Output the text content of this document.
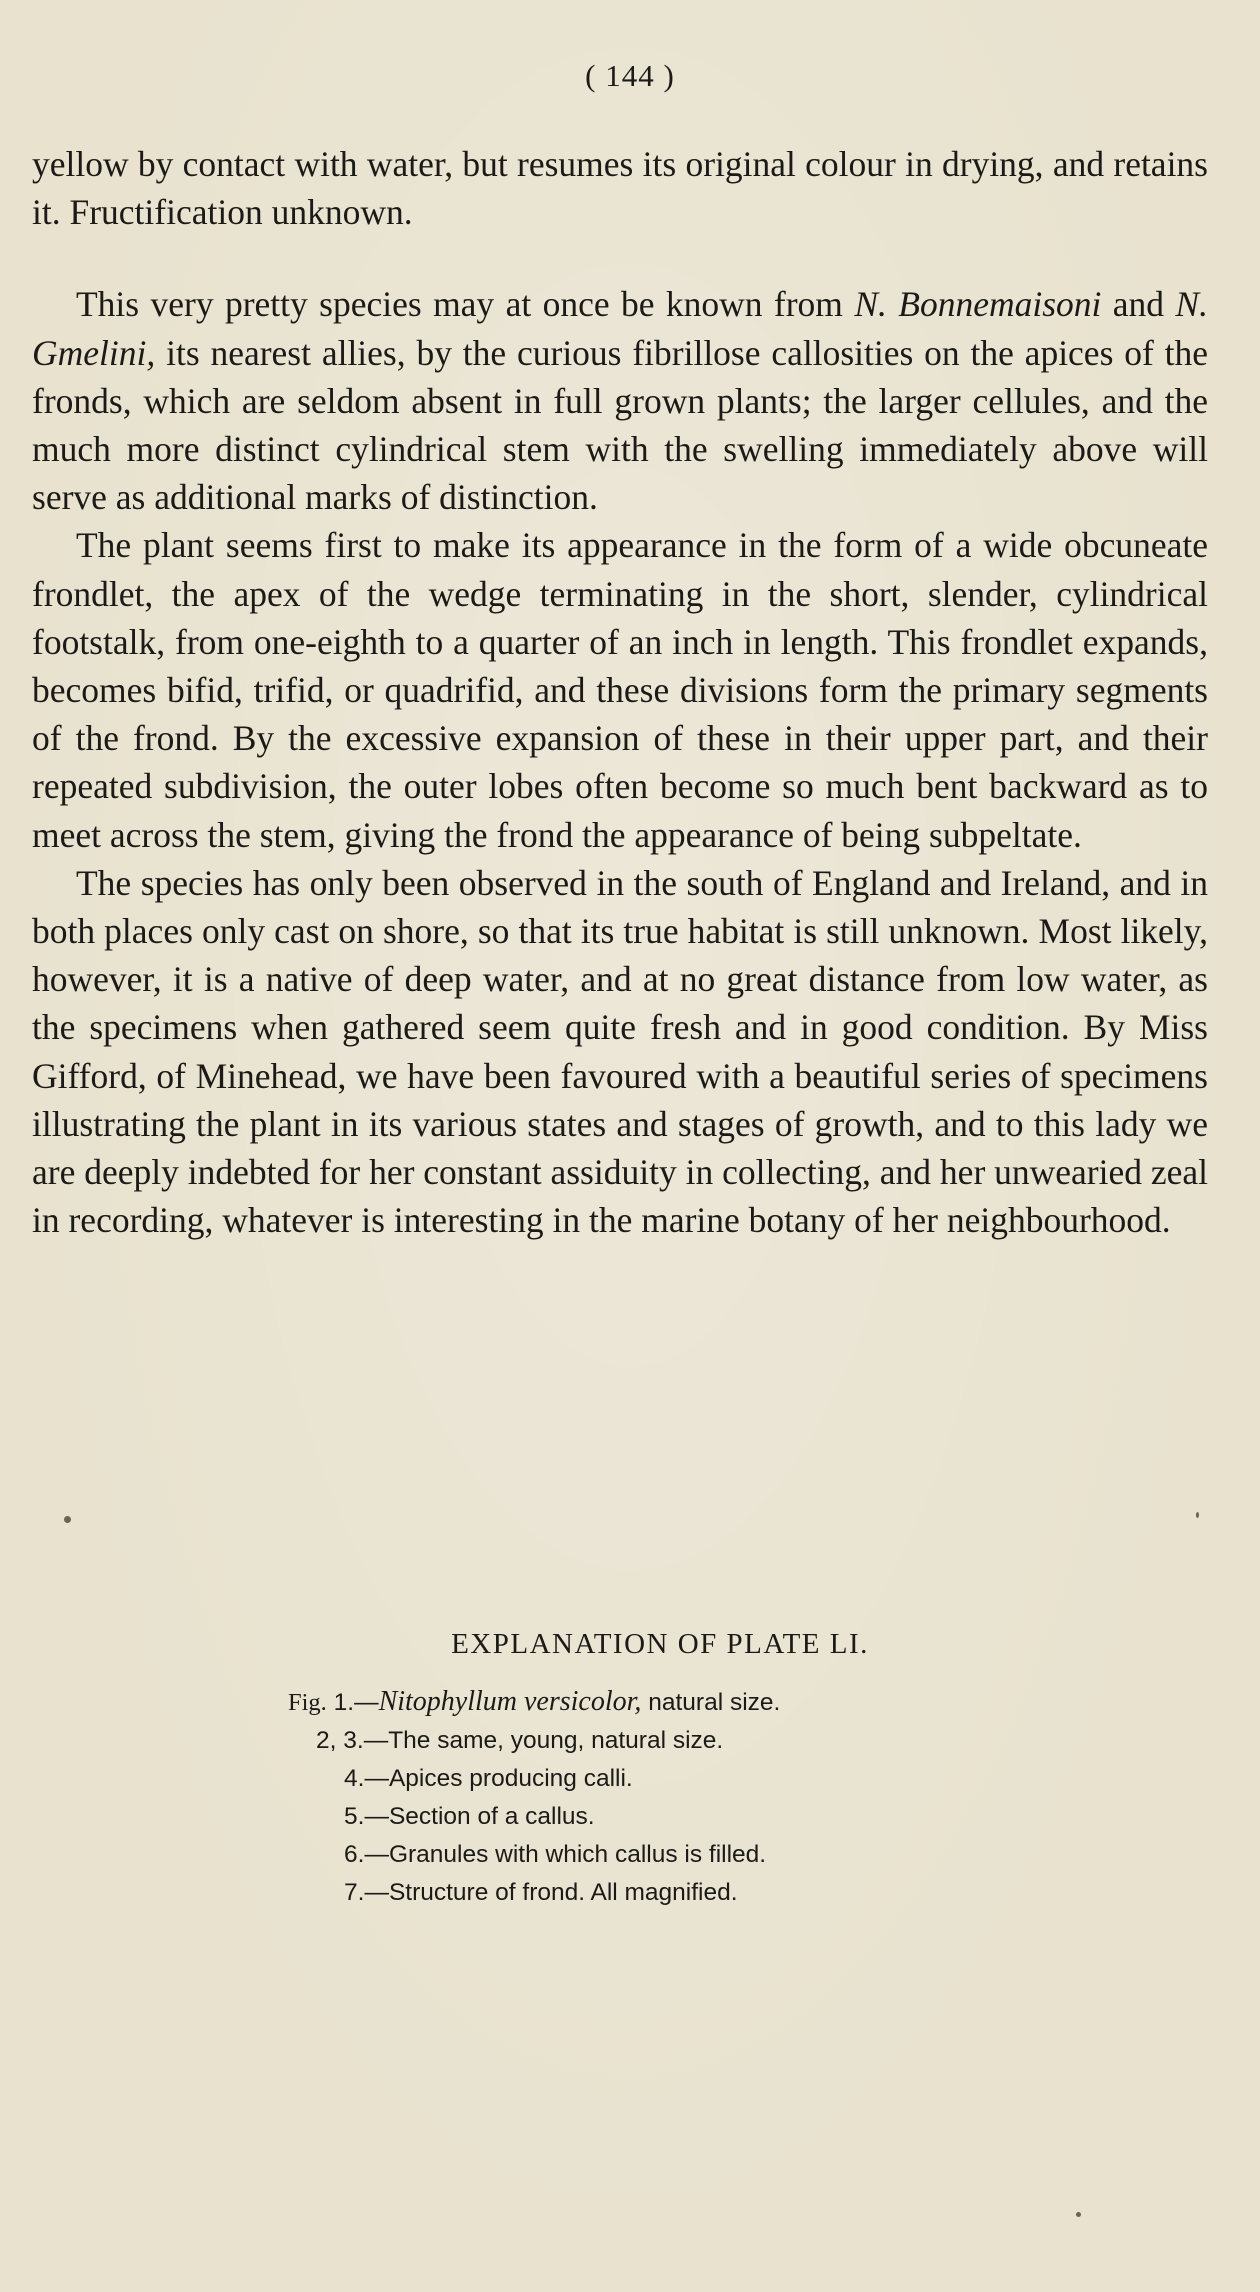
( 144 )

yellow by contact with water, but resumes its original colour in drying, and retains it. Fructification unknown.

This very pretty species may at once be known from N. Bonnemaisoni and N. Gmelini, its nearest allies, by the curious fibrillose callosities on the apices of the fronds, which are seldom absent in full grown plants; the larger cellules, and the much more distinct cylindrical stem with the swelling immediately above will serve as additional marks of distinction.

The plant seems first to make its appearance in the form of a wide obcuneate frondlet, the apex of the wedge terminating in the short, slender, cylindrical footstalk, from one-eighth to a quarter of an inch in length. This frondlet expands, becomes bifid, trifid, or quadrifid, and these divisions form the primary segments of the frond. By the excessive expansion of these in their upper part, and their repeated subdivision, the outer lobes often become so much bent backward as to meet across the stem, giving the frond the appearance of being subpeltate.

The species has only been observed in the south of England and Ireland, and in both places only cast on shore, so that its true habitat is still unknown. Most likely, however, it is a native of deep water, and at no great distance from low water, as the specimens when gathered seem quite fresh and in good condition. By Miss Gifford, of Minehead, we have been favoured with a beautiful series of specimens illustrating the plant in its various states and stages of growth, and to this lady we are deeply indebted for her constant assiduity in collecting, and her unwearied zeal in recording, whatever is interesting in the marine botany of her neighbourhood.

EXPLANATION OF PLATE LI.
Fig. 1.—Nitophyllum versicolor, natural size.
2, 3.—The same, young, natural size.
4.—Apices producing calli.
5.—Section of a callus.
6.—Granules with which callus is filled.
7.—Structure of frond. All magnified.
